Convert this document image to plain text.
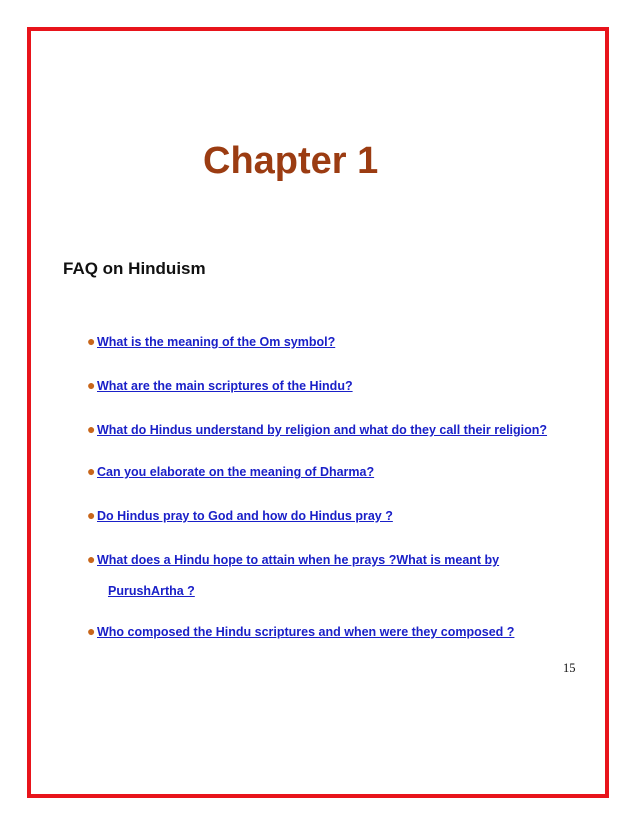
Chapter 1
FAQ on Hinduism
● What is the meaning of the Om symbol?
● What are the main scriptures of the Hindu?
● What do Hindus understand by religion and what do they call their religion?
● Can you elaborate on the meaning of Dharma?
● Do Hindus pray to God and how do Hindus pray ?
● What does a Hindu hope to attain when he prays ?What is meant by
PurushArtha ?
● Who composed the Hindu scriptures and when were they composed ?
15
